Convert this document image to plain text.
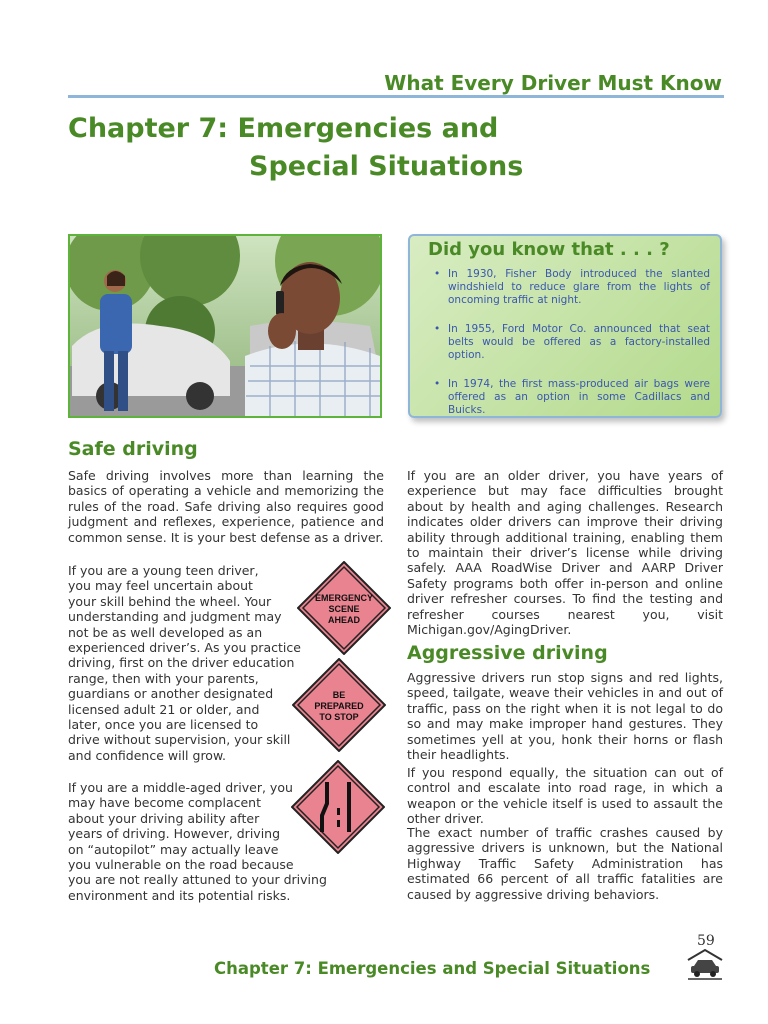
What Every Driver Must Know
Chapter 7: Emergencies and
Special Situations
Did you know that . . . ?
• In 1930, Fisher Body introduced the slanted windshield to reduce glare from the lights of oncoming traffic at night.
• In 1955, Ford Motor Co. announced that seat belts would be offered as a factory-installed option.
• In 1974, the first mass-produced air bags were offered as an option in some Cadillacs and Buicks.
Safe driving

Safe driving involves more than learning the basics of operating a vehicle and memorizing the rules of the road. Safe driving also requires good judgment and reflexes, experience, patience and common sense. It is your best defense as a driver.

If you are a young teen driver,
you may feel uncertain about
your skill behind the wheel. Your
understanding and judgment may
not be as well developed as an
experienced driver’s. As you practice
driving, first on the driver education
range, then with your parents,
guardians or another designated
licensed adult 21 or older, and
later, once you are licensed to
drive without supervision, your skill
and confidence will grow.
If you are a middle-aged driver, you
may have become complacent
about your driving ability after
years of driving. However, driving
on “autopilot” may actually leave
you vulnerable on the road because
you are not really attuned to your driving
environment and its potential risks.
EMERGENCY
SCENE
AHEAD
BE
PREPARED
TO STOP

If you are an older driver, you have years of experience but may face difficulties brought about by health and aging challenges. Research indicates older drivers can improve their driving ability through additional training, enabling them to maintain their driver’s license while driving safely. AAA RoadWise Driver and AARP Driver Safety programs both offer in-person and online driver refresher courses. To find the testing and refresher courses nearest you, visit Michigan.gov/AgingDriver.

Aggressive driving

Aggressive drivers run stop signs and red lights, speed, tailgate, weave their vehicles in and out of traffic, pass on the right when it is not legal to do so and may make improper hand gestures. They sometimes yell at you, honk their horns or flash their headlights.

If you respond equally, the situation can out of control and escalate into road rage, in which a weapon or the vehicle itself is used to assault the other driver.

The exact number of traffic crashes caused by aggressive drivers is unknown, but the National Highway Traffic Safety Administration has estimated 66 percent of all traffic fatalities are caused by aggressive driving behaviors.

59
Chapter 7: Emergencies and Special Situations
